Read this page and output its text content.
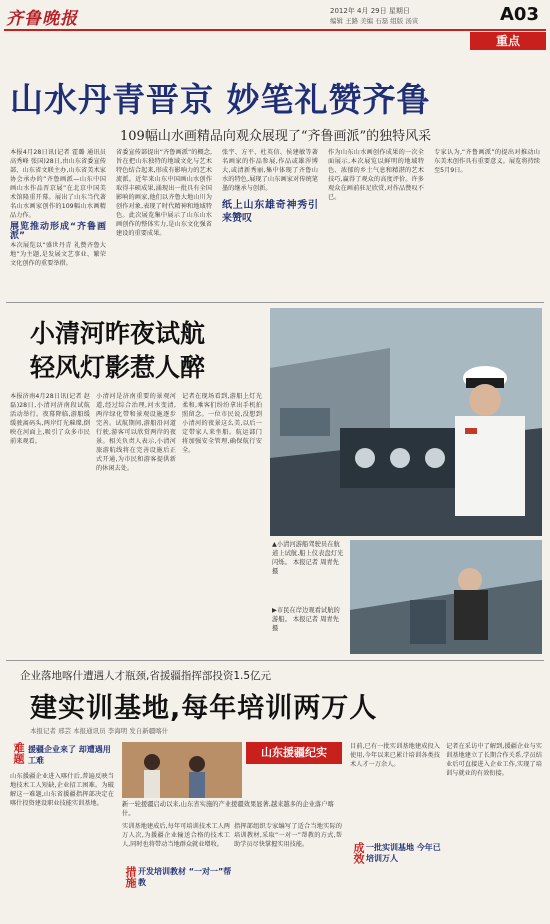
齐鲁晚报	2012年 4月 29日 星期日
编辑 王路 美编 石磊 组版 汤寅	A03
重点
山水丹青晋京 妙笔礼赞齐鲁
109幅山水画精品向观众展现了“齐鲁画派”的独特风采
本报4月28日讯(记者 霍璐 通讯员 高秀峰 张国)28日,由山东省委宣传部、山东省文联主办,山东省美术家协会承办的“齐鲁画派—山东中国画山水作品晋京展”在北京中国美术馆隆重开幕。展出了山东当代著名山水画家创作的109幅山水画精品力作。
展览推动形成“齐鲁画派”
本次展览以“盛世丹青 礼赞齐鲁大地”为主题,是发展文艺事业、繁荣文化创作的重要举措。
省委宣传部提出“齐鲁画派”的概念,旨在把山东独特的地域文化与艺术特色结合起来,形成有影响力的艺术流派。近年来山东中国画山水创作取得丰硕成果,涌现出一批具有全国影响的画家,他们以齐鲁大地山川为创作对象,表现了时代精神和地域特色。此次展览集中展示了山东山水画创作的整体实力,是山东文化强省建设的重要成果。
张宇、方平、杜英信、侯建敏等著名画家的作品参展,作品或雄浑博大,或清新秀丽,集中体现了齐鲁山水的特色,展现了山东画家对传统笔墨的继承与创新。
纸上山东雄奇神秀引来赞叹
作为山东山水画创作成果的一次全面展示,本次展览以鲜明的地域特色、浓郁的乡土气息和精湛的艺术技巧,赢得了观众的高度评价。许多观众在画前驻足欣赏,对作品赞叹不已。
专家认为,“齐鲁画派”的提出对推动山东美术创作具有重要意义。展览将持续至5月9日。
小清河昨夜试航
轻风灯影惹人醉
本报济南4月28日讯(记者 赵磊)28日,小清河济南段试航活动举行。夜幕降临,游船缓缓驶离码头,两岸灯光璀璨,倒映在河面上,吸引了众多市民前来观看。
小清河是济南重要的景观河道,经过综合治理,河水变清,两岸绿化带和景观设施逐步完善。试航期间,游船沿河道行驶,游客可以欣赏两岸的夜景。相关负责人表示,小清河旅游航线将在完善设施后正式开通,为市民和游客提供新的休闲去处。
记者在现场看到,游船上灯光柔和,乘客们纷纷拿出手机拍照留念。一位市民说,没想到小清河的夜景这么美,以后一定带家人来坐船。航运部门将加强安全管理,确保航行安全。
▲小清河游船驾驶员在航道上试航,船上仪表盘灯光闪烁。 本报记者 周青先 摄
▶市民在岸边观看试航的游船。 本报记者 周青先 摄
企业落地喀什遭遇人才瓶颈,省援疆指挥部投资1.5亿元
建实训基地,每年培训两万人
本报记者 邢芸 本报通讯员 李海明 发自新疆喀什
难题 援疆企业来了 却遭遇用工难
山东援疆企业进入喀什后,普遍反映当地技术工人短缺,企业招工困难。为破解这一难题,山东省援疆指挥部决定在喀什投资建设职业技能实训基地。
山东援疆纪实
新一轮援疆启动以来,山东省实施的产业援疆效果显著,越来越多的企业落户喀什。
实训基地建成后,每年可培训技术工人两万人次,为援疆企业输送合格的技术工人,同时也将带动当地群众就业增收。
措施 开发培训教材 “一对一”帮教
指挥部组织专家编写了适合当地实际的培训教材,采取“一对一”帮教的方式,帮助学员尽快掌握实用技能。	成效 一批实训基地 今年已培训万人
目前,已有一批实训基地建成投入使用,今年以来已累计培训各类技术人才一万余人。
记者在采访中了解到,援疆企业与实训基地建立了长期合作关系,学员结业后可直接进入企业工作,实现了培训与就业的有效衔接。
